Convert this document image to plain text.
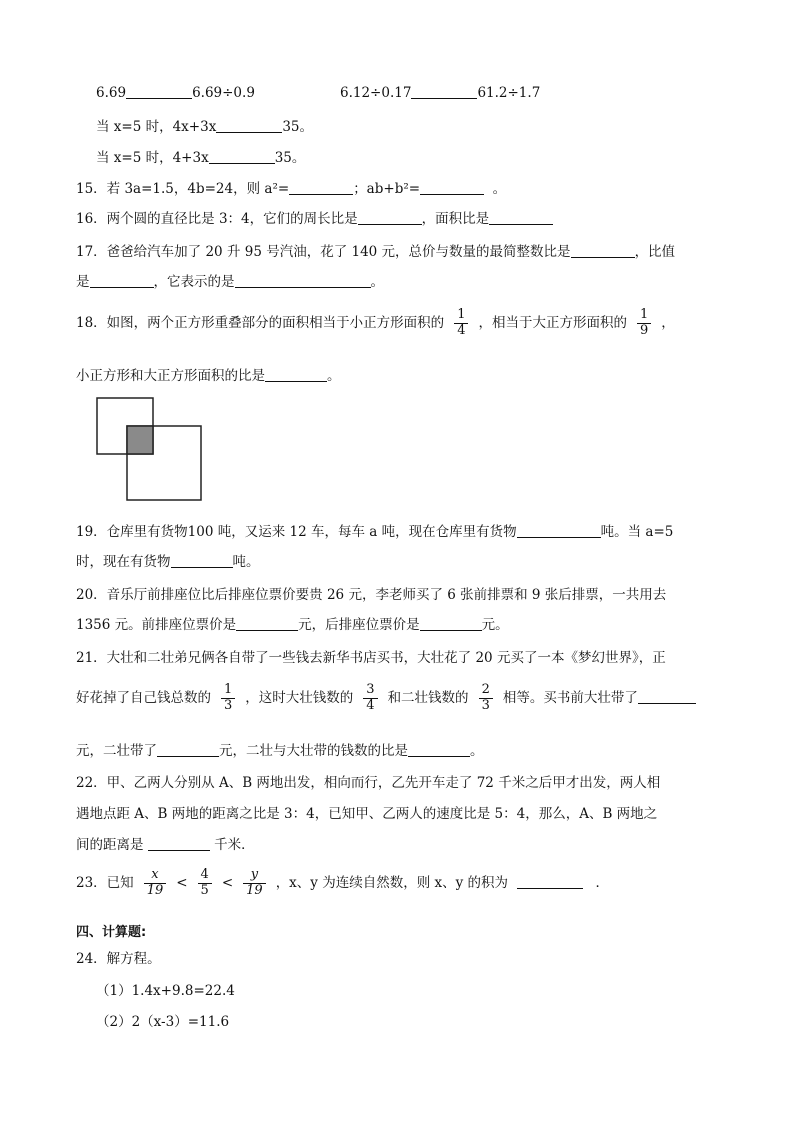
6.69	6.69÷0.9	6.12÷0.17	61.2÷1.7
当 x=5 时，4x+3x	35。
当 x=5 时，4+3x	35。
15．若 3a=1.5，4b=24，则 a²=	；ab+b²=	。
16．两个圆的直径比是 3：4，它们的周长比是	，面积比是
17．爸爸给汽车加了 20 升 95 号汽油，花了 140 元，总价与数量的最简整数比是	，比值
是	，它表示的是	。
18．如图，两个正方形重叠部分的面积相当于小正方形面积的 $\frac{1}{4}$ ，相当于大正方形面积的 $\frac{1}{9}$ ，
小正方形和大正方形面积的比是	。
19．仓库里有货物100 吨，又运来 12 车，每车 a 吨，现在仓库里有货物	吨。当 a=5
时，现在有货物	吨。
20．音乐厅前排座位比后排座位票价要贵 26 元，李老师买了 6 张前排票和 9 张后排票，一共用去
1356 元。前排座位票价是	元，后排座位票价是	元。
21．大壮和二壮弟兄俩各自带了一些钱去新华书店买书，大壮花了 20 元买了一本《梦幻世界》，正
好花掉了自己钱总数的 $\frac{1}{3}$ ，这时大壮钱数的 $\frac{3}{4}$ 和二壮钱数的 $\frac{2}{3}$ 相等。买书前大壮带了
元，二壮带了	元，二壮与大壮带的钱数的比是	。
22．甲、乙两人分别从 A、B 两地出发，相向而行，乙先开车走了 72 千米之后甲才出发，两人相
遇地点距 A、B 两地的距离之比是 3：4，已知甲、乙两人的速度比是 5：4，那么，A、B 两地之
间的距离是	千米．
23．已知 $\frac{x}{19} < \frac{4}{5} < \frac{y}{19}$ ，x、y 为连续自然数，则 x、y 的积为	．
四、计算题:
24．解方程。
（1）1.4x+9.8=22.4
（2）2（x-3）=11.6
